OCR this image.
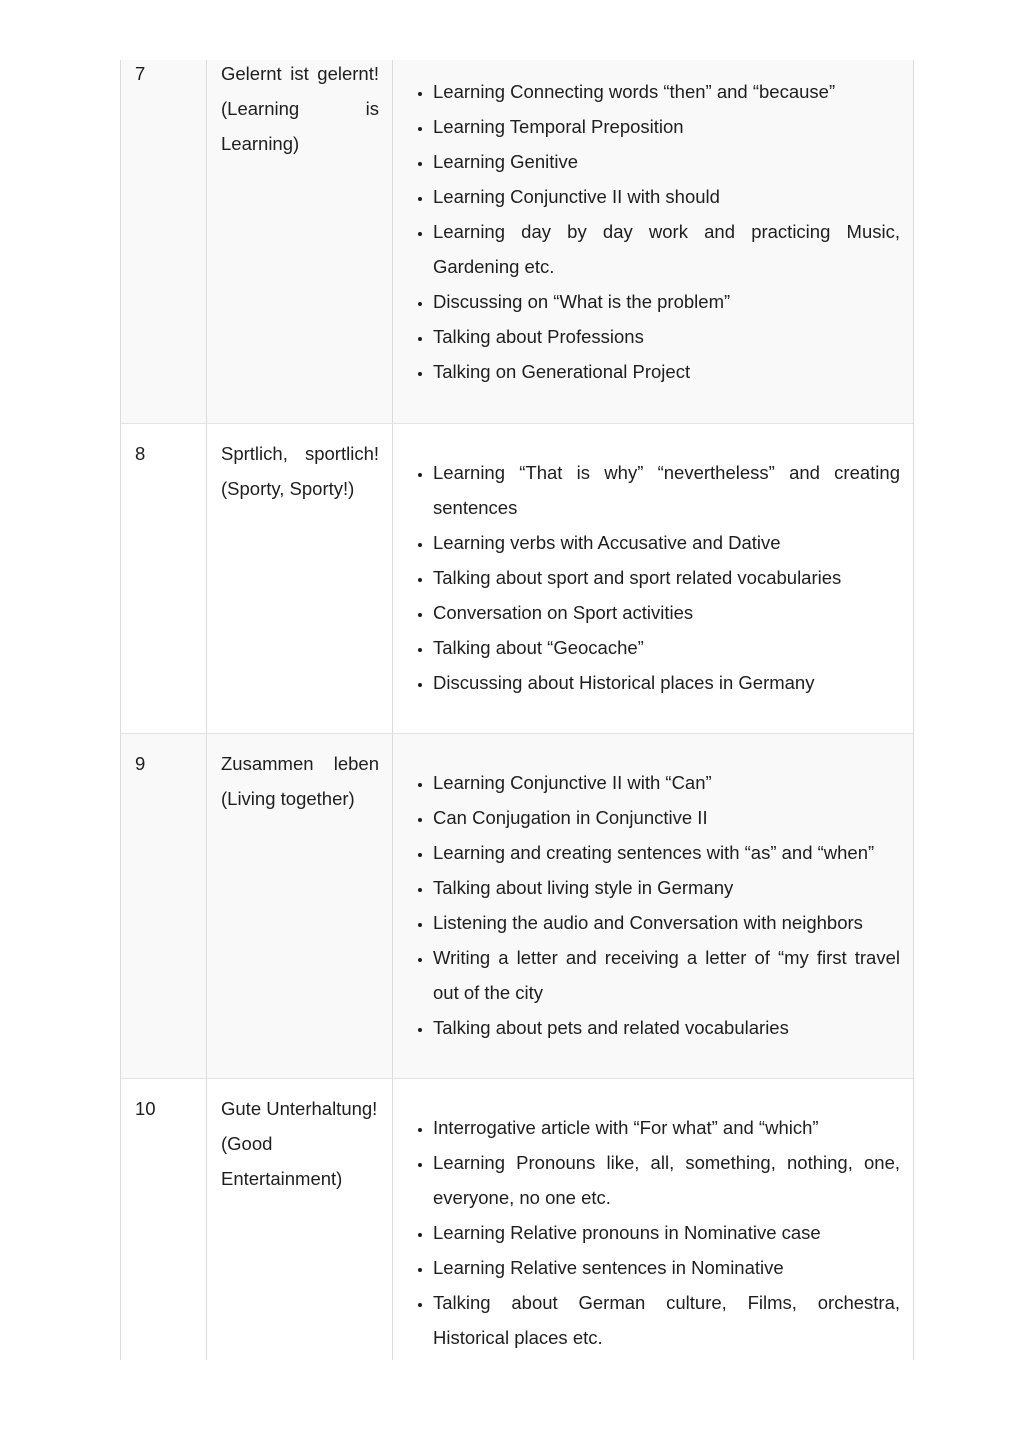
7	Gelernt ist gelernt! (Learning is Learning)
• Learning Connecting words “then” and “because”
• Learning Temporal Preposition
• Learning Genitive
• Learning Conjunctive II with should
• Learning day by day work and practicing Music, Gardening etc.
• Discussing on “What is the problem”
• Talking about Professions
• Talking on Generational Project
8	Sprtlich, sportlich! (Sporty, Sporty!)
• Learning “That is why” “nevertheless” and creating sentences
• Learning verbs with Accusative and Dative
• Talking about sport and sport related vocabularies
• Conversation on Sport activities
• Talking about “Geocache”
• Discussing about Historical places in Germany
9	Zusammen leben (Living together)
• Learning Conjunctive II with “Can”
• Can Conjugation in Conjunctive II
• Learning and creating sentences with “as” and “when”
• Talking about living style in Germany
• Listening the audio and Conversation with neighbors
• Writing a letter and receiving a letter of “my first travel out of the city
• Talking about pets and related vocabularies
10	Gute Unterhaltung! (Good Entertainment)
• Interrogative article with “For what” and “which”
• Learning Pronouns like, all, something, nothing, one, everyone, no one etc.
• Learning Relative pronouns in Nominative case
• Learning Relative sentences in Nominative
• Talking about German culture, Films, orchestra, Historical places etc.
